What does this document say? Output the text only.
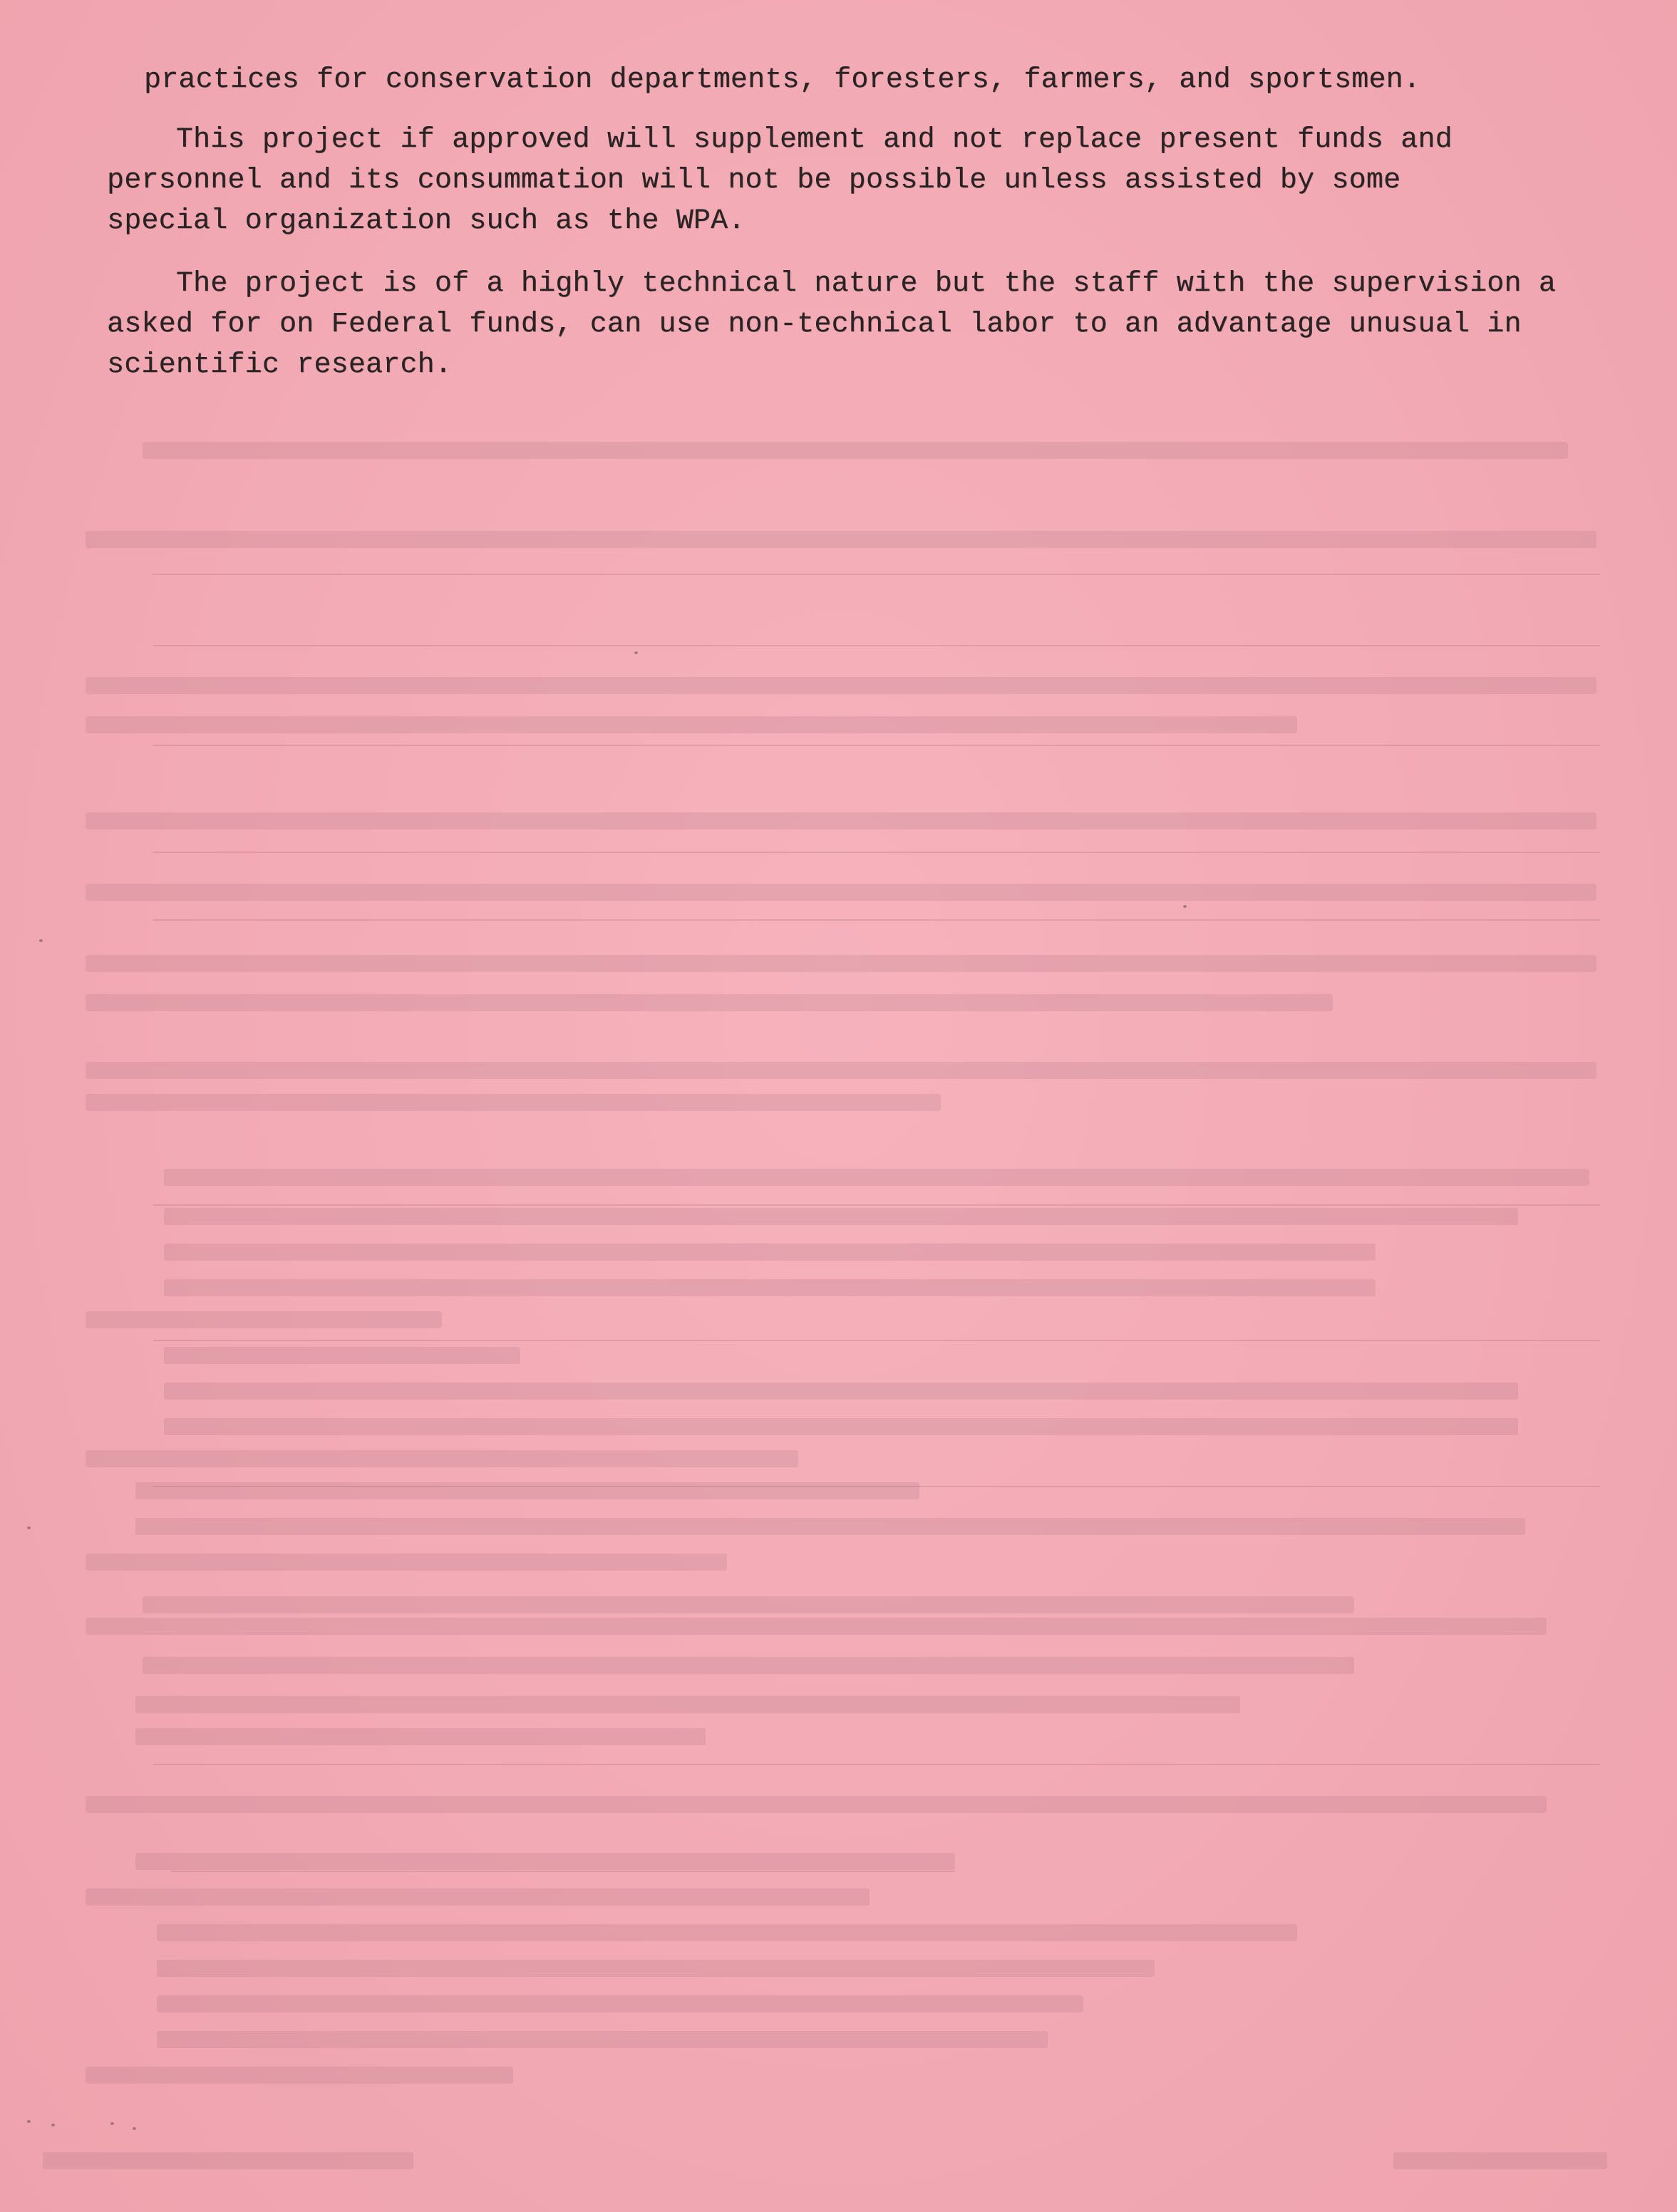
practices for conservation departments, foresters, farmers, and sportsmen.
This project if approved will supplement and not replace present funds and
personnel and its consummation will not be possible unless assisted by some
special organization such as the WPA.
The project is of a highly technical nature but the staff with the supervision a
asked for on Federal funds, can use non-technical labor to an advantage unusual in
scientific research.
